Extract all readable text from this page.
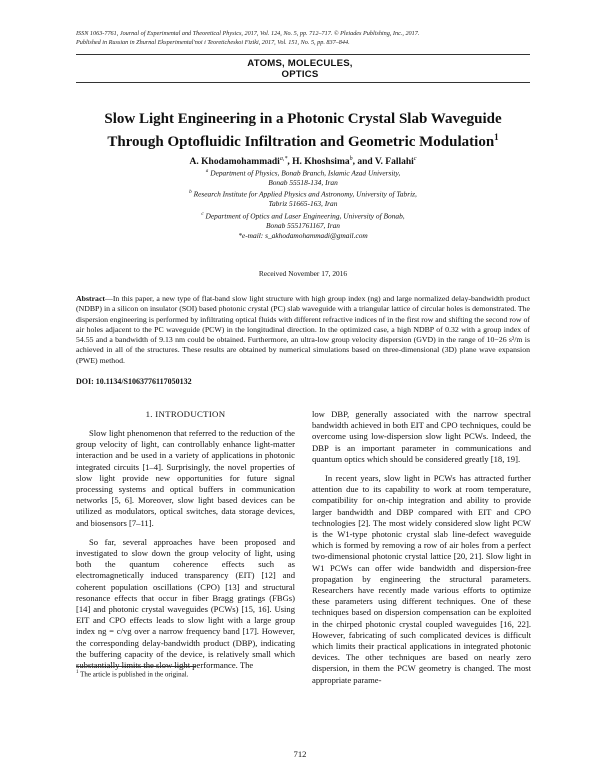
ISSN 1063-7761, Journal of Experimental and Theoretical Physics, 2017, Vol. 124, No. 5, pp. 712–717. © Pleiades Publishing, Inc., 2017.
Published in Russian in Zhurnal Eksperimental'noi i Teoreticheskoi Fiziki, 2017, Vol. 151, No. 5, pp. 837–844.
ATOMS, MOLECULES,
OPTICS
Slow Light Engineering in a Photonic Crystal Slab Waveguide
Through Optofluidic Infiltration and Geometric Modulation$^1$
A. Khodamohammadi$^{a,*}$, H. Khoshsima$^b$, and V. Fallahi$^c$
$^a$ Department of Physics, Bonab Branch, Islamic Azad University,
Bonab 55518-134, Iran
$^b$ Research Institute for Applied Physics and Astronomy, University of Tabriz,
Tabriz 51665-163, Iran
$^c$ Department of Optics and Laser Engineering, University of Bonab,
Bonab 5551761167, Iran
*e-mail: s_akhodamohammadi@gmail.com
Received November 17, 2016
Abstract—In this paper, a new type of flat-band slow light structure with high group index (ng) and large normalized delay-bandwidth product (NDBP) in a silicon on insulator (SOI) based photonic crystal (PC) slab waveguide with a triangular lattice of circular holes is demonstrated. The dispersion engineering is performed by infiltrating optical fluids with different refractive indices nf in the first row and shifting the second row of air holes adjacent to the PC waveguide (PCW) in the longitudinal direction. In the optimized case, a high NDBP of 0.32 with a group index of 54.55 and a bandwidth of 9.13 nm could be obtained. Furthermore, an ultra-low group velocity dispersion (GVD) in the range of 10−26 s²/m is achieved in all of the structures. These results are obtained by numerical simulations based on three-dimensional (3D) plane wave expansion (PWE) method.
DOI: 10.1134/S1063776117050132
1. INTRODUCTION

Slow light phenomenon that referred to the reduction of the group velocity of light, can controllably enhance light-matter interaction and be used in a variety of applications in photonic integrated circuits [1–4]. Surprisingly, the novel properties of slow light provide new opportunities for future signal processing systems and optical buffers in communication networks [5, 6]. Moreover, slow light based devices can be utilized as modulators, optical switches, data storage devices, and biosensors [7–11].

So far, several approaches have been proposed and investigated to slow down the group velocity of light, using both the quantum coherence effects such as electromagnetically induced transparency (EIT) [12] and coherent population oscillations (CPO) [13] and structural resonance effects that occur in fiber Bragg gratings (FBGs) [14] and photonic crystal waveguides (PCWs) [15, 16]. Using EIT and CPO effects leads to slow light with a large group index ng = c/vg over a narrow frequency band [17]. However, the corresponding delay-bandwidth product (DBP), indicating the buffering capacity of the device, is relatively small which substantially limits the slow light performance. The

low DBP, generally associated with the narrow spectral bandwidth achieved in both EIT and CPO techniques, could be overcome using low-dispersion slow light PCWs. Indeed, the DBP is an important parameter in communications and quantum optics which should be considered greatly [18, 19].

In recent years, slow light in PCWs has attracted further attention due to its capability to work at room temperature, compatibility for on-chip integration and ability to provide larger bandwidth and DBP compared with EIT and CPO technologies [2]. The most widely considered slow light PCW is the W1-type photonic crystal slab line-defect waveguide which is formed by removing a row of air holes from a perfect two-dimensional photonic crystal lattice [20, 21]. Slow light in W1 PCWs can offer wide bandwidth and dispersion-free propagation by engineering the structural parameters. Researchers have recently made various efforts to optimize these parameters using different techniques. One of these techniques based on dispersion compensation can be exploited in the chirped photonic crystal coupled waveguides [16, 22]. However, fabricating of such complicated devices is difficult which limits their practical applications in integrated photonic devices. The other techniques are based on nearly zero dispersion, in them the PCW geometry is changed. The most appropriate parame-

$^1$ The article is published in the original.
712
